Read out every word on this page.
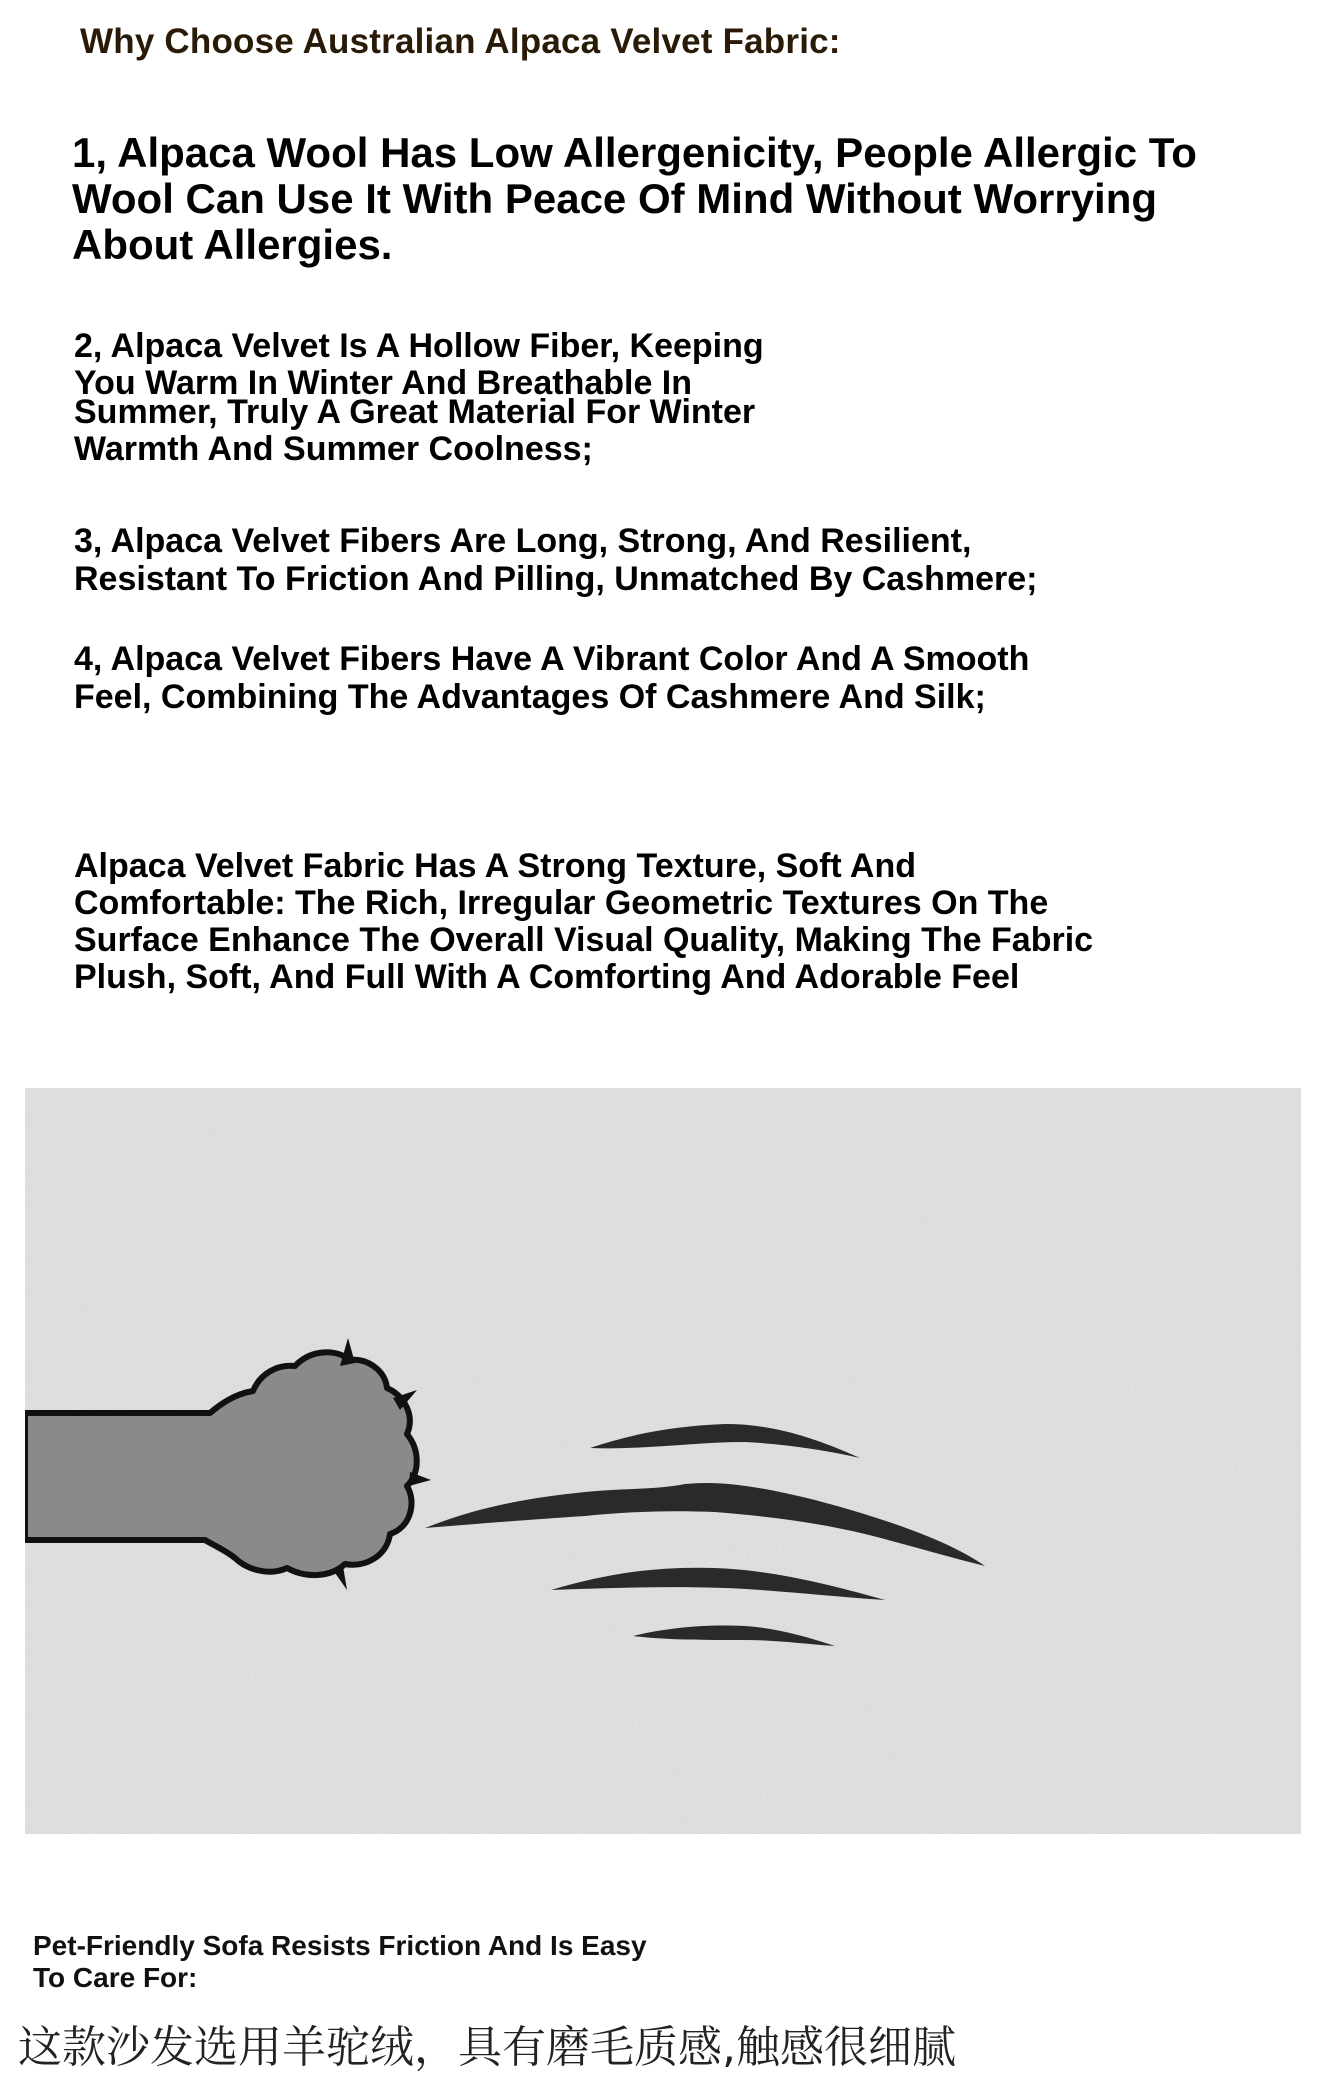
Why Choose Australian Alpaca Velvet Fabric:
1, Alpaca Wool Has Low Allergenicity, People Allergic To
Wool Can Use It With Peace Of Mind Without Worrying
About Allergies.
2, Alpaca Velvet Is A Hollow Fiber, Keeping
You Warm In Winter And Breathable In
Summer, Truly A Great Material For Winter
Warmth And Summer Coolness;
3, Alpaca Velvet Fibers Are Long, Strong, And Resilient,
Resistant To Friction And Pilling, Unmatched By Cashmere;
4, Alpaca Velvet Fibers Have A Vibrant Color And A Smooth
Feel, Combining The Advantages Of Cashmere And Silk;
Alpaca Velvet Fabric Has A Strong Texture, Soft And
Comfortable: The Rich, Irregular Geometric Textures On The
Surface Enhance The Overall Visual Quality, Making The Fabric
Plush, Soft, And Full With A Comforting And Adorable Feel
Pet-Friendly Sofa Resists Friction And Is Easy
To Care For:
这款沙发选用羊驼绒，具有磨毛质感,触感很细腻
